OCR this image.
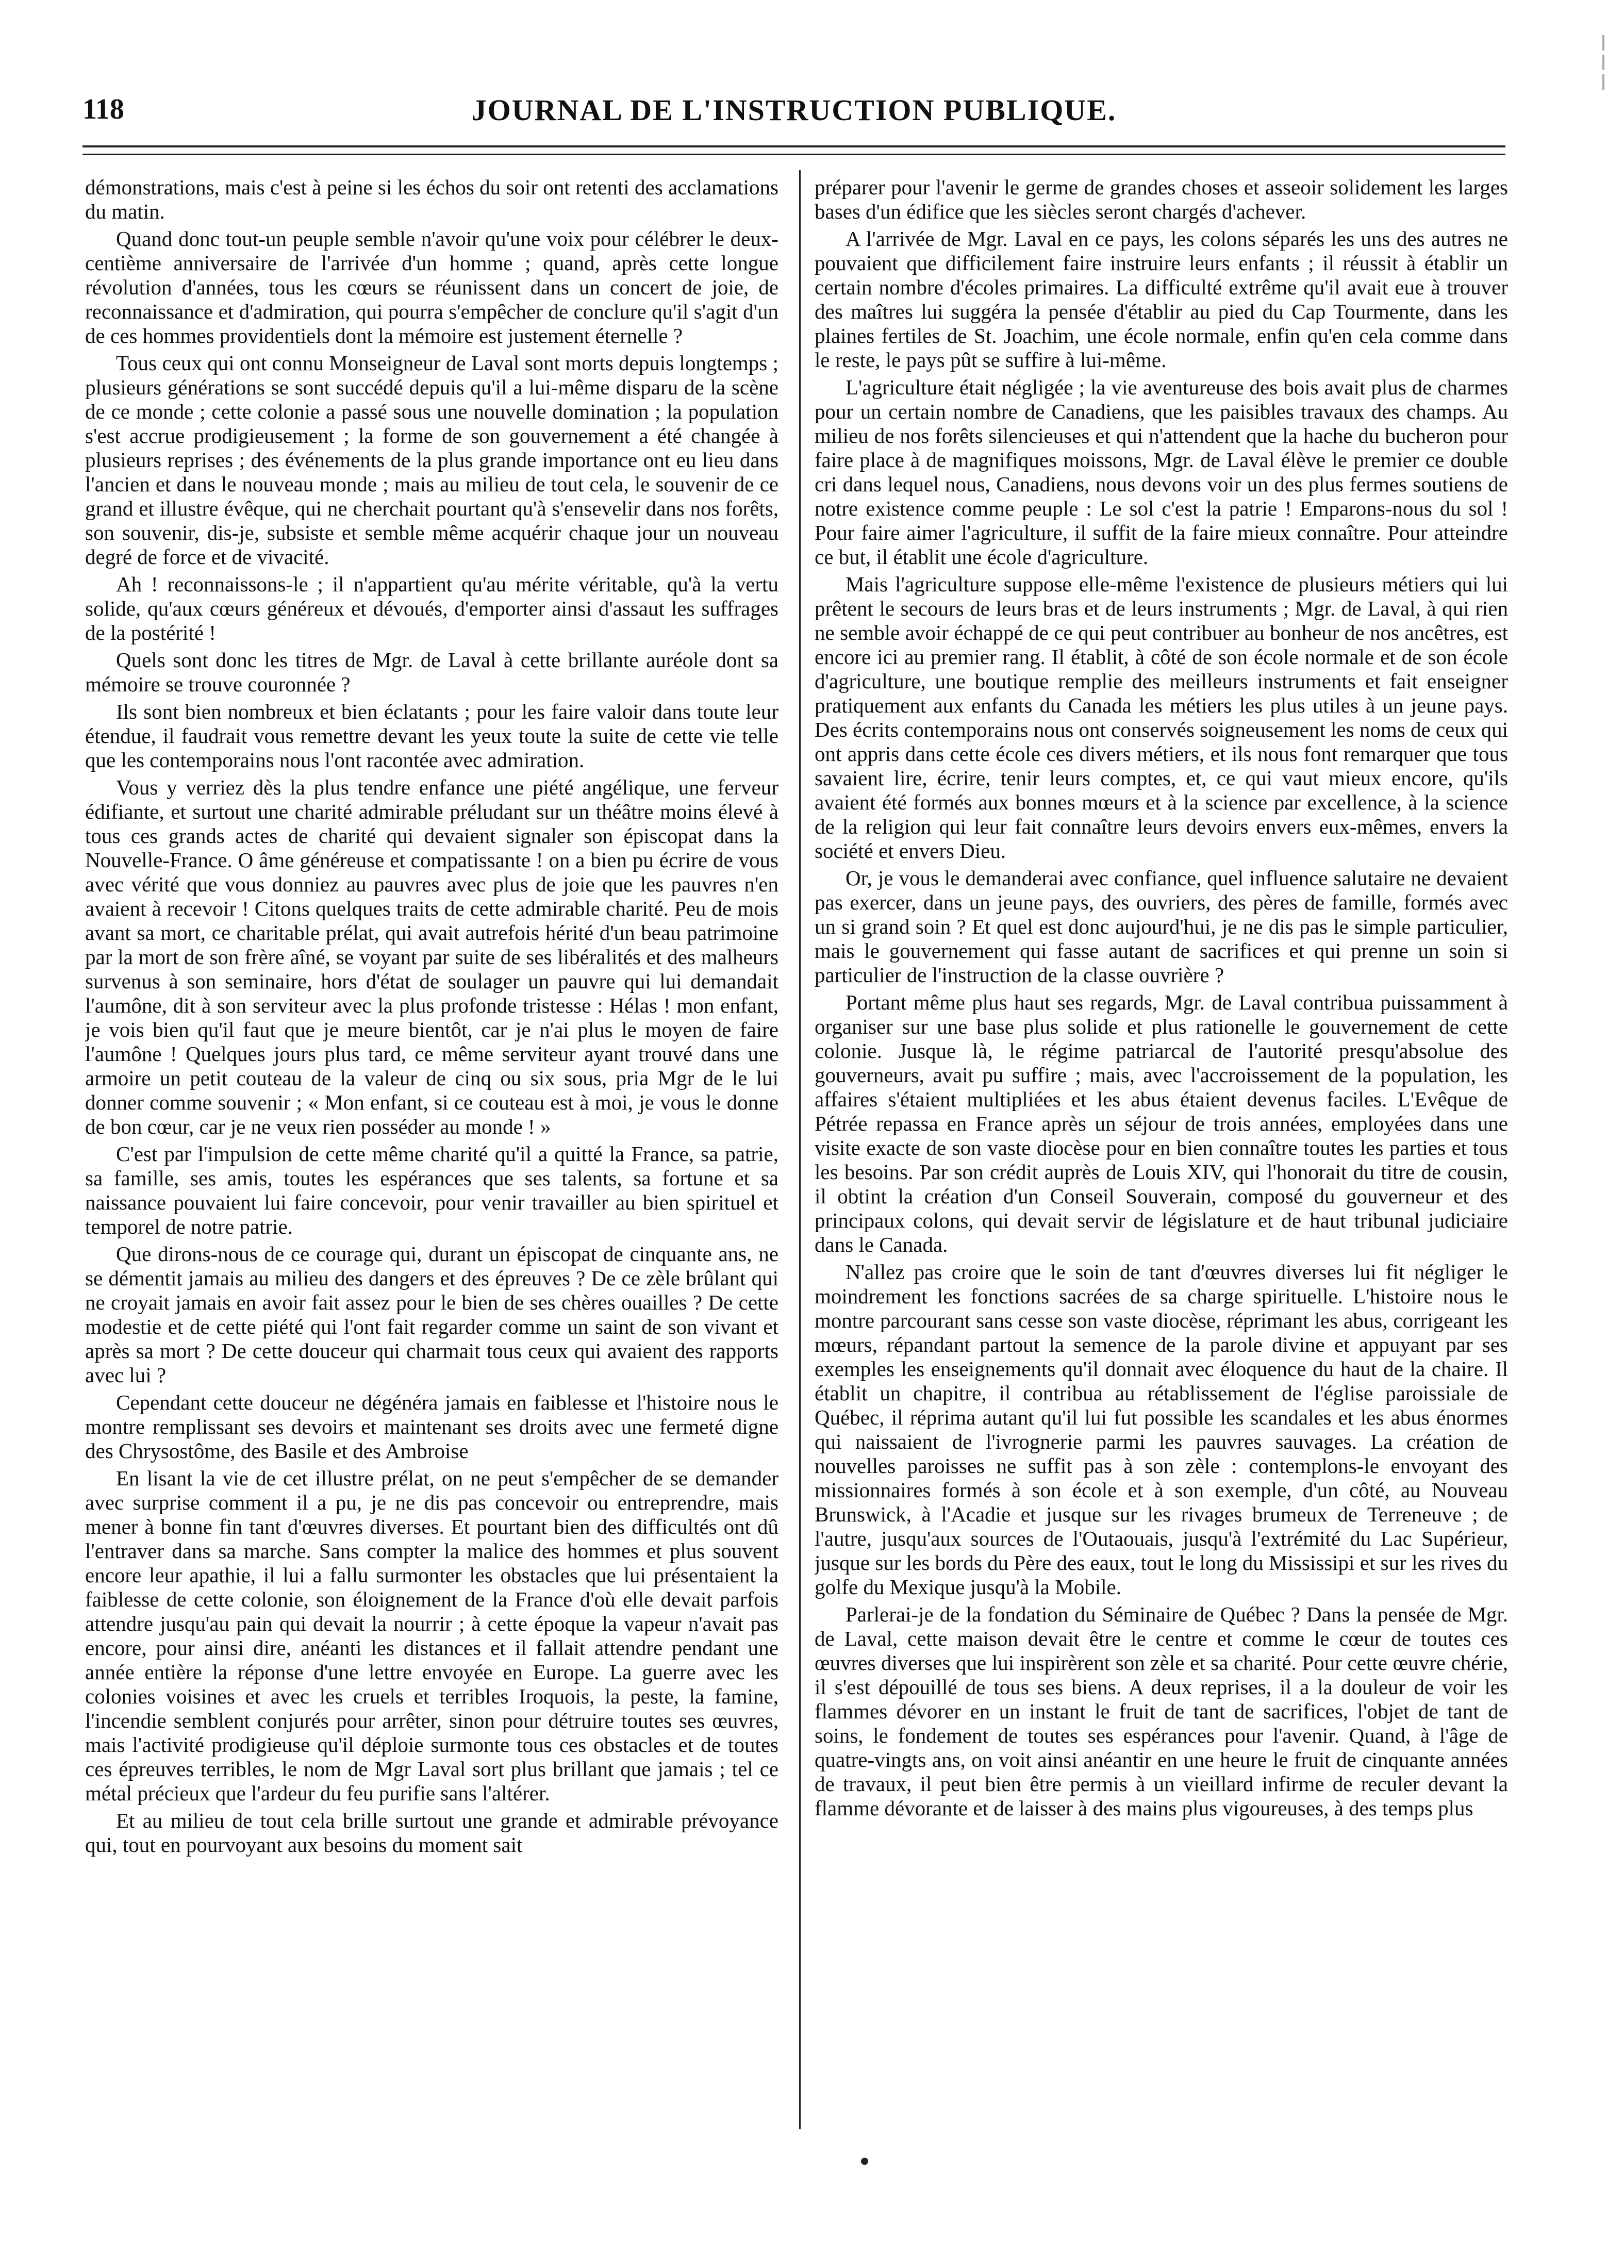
118	JOURNAL DE L'INSTRUCTION PUBLIQUE.

démonstrations, mais c'est à peine si les échos du soir ont retenti des acclamations du matin.

Quand donc tout-un peuple semble n'avoir qu'une voix pour célébrer le deux-centième anniversaire de l'arrivée d'un homme ; quand, après cette longue révolution d'années, tous les cœurs se réunissent dans un concert de joie, de reconnaissance et d'admiration, qui pourra s'empêcher de conclure qu'il s'agit d'un de ces hommes providentiels dont la mémoire est justement éternelle ?

Tous ceux qui ont connu Monseigneur de Laval sont morts depuis longtemps ; plusieurs générations se sont succédé depuis qu'il a lui-même disparu de la scène de ce monde ; cette colonie a passé sous une nouvelle domination ; la population s'est accrue prodigieusement ; la forme de son gouvernement a été changée à plusieurs reprises ; des événements de la plus grande importance ont eu lieu dans l'ancien et dans le nouveau monde ; mais au milieu de tout cela, le souvenir de ce grand et illustre évêque, qui ne cherchait pourtant qu'à s'ensevelir dans nos forêts, son souvenir, dis-je, subsiste et semble même acquérir chaque jour un nouveau degré de force et de vivacité.

Ah ! reconnaissons-le ; il n'appartient qu'au mérite véritable, qu'à la vertu solide, qu'aux cœurs généreux et dévoués, d'emporter ainsi d'assaut les suffrages de la postérité !

Quels sont donc les titres de Mgr. de Laval à cette brillante auréole dont sa mémoire se trouve couronnée ?

Ils sont bien nombreux et bien éclatants ; pour les faire valoir dans toute leur étendue, il faudrait vous remettre devant les yeux toute la suite de cette vie telle que les contemporains nous l'ont racontée avec admiration.

Vous y verriez dès la plus tendre enfance une piété angélique, une ferveur édifiante, et surtout une charité admirable préludant sur un théâtre moins élevé à tous ces grands actes de charité qui devaient signaler son épiscopat dans la Nouvelle-France. O âme généreuse et compatissante ! on a bien pu écrire de vous avec vérité que vous donniez au pauvres avec plus de joie que les pauvres n'en avaient à recevoir ! Citons quelques traits de cette admirable charité. Peu de mois avant sa mort, ce charitable prélat, qui avait autrefois hérité d'un beau patrimoine par la mort de son frère aîné, se voyant par suite de ses libéralités et des malheurs survenus à son seminaire, hors d'état de soulager un pauvre qui lui demandait l'aumône, dit à son serviteur avec la plus profonde tristesse : Hélas ! mon enfant, je vois bien qu'il faut que je meure bientôt, car je n'ai plus le moyen de faire l'aumône ! Quelques jours plus tard, ce même serviteur ayant trouvé dans une armoire un petit couteau de la valeur de cinq ou six sous, pria Mgr de le lui donner comme souvenir ; « Mon enfant, si ce couteau est à moi, je vous le donne de bon cœur, car je ne veux rien posséder au monde ! »

C'est par l'impulsion de cette même charité qu'il a quitté la France, sa patrie, sa famille, ses amis, toutes les espérances que ses talents, sa fortune et sa naissance pouvaient lui faire concevoir, pour venir travailler au bien spirituel et temporel de notre patrie.

Que dirons-nous de ce courage qui, durant un épiscopat de cinquante ans, ne se démentit jamais au milieu des dangers et des épreuves ? De ce zèle brûlant qui ne croyait jamais en avoir fait assez pour le bien de ses chères ouailles ? De cette modestie et de cette piété qui l'ont fait regarder comme un saint de son vivant et après sa mort ? De cette douceur qui charmait tous ceux qui avaient des rapports avec lui ?

Cependant cette douceur ne dégénéra jamais en faiblesse et l'histoire nous le montre remplissant ses devoirs et maintenant ses droits avec une fermeté digne des Chrysostôme, des Basile et des Ambroise

En lisant la vie de cet illustre prélat, on ne peut s'empêcher de se demander avec surprise comment il a pu, je ne dis pas concevoir ou entreprendre, mais mener à bonne fin tant d'œuvres diverses. Et pourtant bien des difficultés ont dû l'entraver dans sa marche. Sans compter la malice des hommes et plus souvent encore leur apathie, il lui a fallu surmonter les obstacles que lui présentaient la faiblesse de cette colonie, son éloignement de la France d'où elle devait parfois attendre jusqu'au pain qui devait la nourrir ; à cette époque la vapeur n'avait pas encore, pour ainsi dire, anéanti les distances et il fallait attendre pendant une année entière la réponse d'une lettre envoyée en Europe. La guerre avec les colonies voisines et avec les cruels et terribles Iroquois, la peste, la famine, l'incendie semblent conjurés pour arrêter, sinon pour détruire toutes ses œuvres, mais l'activité prodigieuse qu'il déploie surmonte tous ces obstacles et de toutes ces épreuves terribles, le nom de Mgr Laval sort plus brillant que jamais ; tel ce métal précieux que l'ardeur du feu purifie sans l'altérer.

Et au milieu de tout cela brille surtout une grande et admirable prévoyance qui, tout en pourvoyant aux besoins du moment sait

préparer pour l'avenir le germe de grandes choses et asseoir solidement les larges bases d'un édifice que les siècles seront chargés d'achever.

A l'arrivée de Mgr. Laval en ce pays, les colons séparés les uns des autres ne pouvaient que difficilement faire instruire leurs enfants ; il réussit à établir un certain nombre d'écoles primaires. La difficulté extrême qu'il avait eue à trouver des maîtres lui suggéra la pensée d'établir au pied du Cap Tourmente, dans les plaines fertiles de St. Joachim, une école normale, enfin qu'en cela comme dans le reste, le pays pût se suffire à lui-même.

L'agriculture était négligée ; la vie aventureuse des bois avait plus de charmes pour un certain nombre de Canadiens, que les paisibles travaux des champs. Au milieu de nos forêts silencieuses et qui n'attendent que la hache du bucheron pour faire place à de magnifiques moissons, Mgr. de Laval élève le premier ce double cri dans lequel nous, Canadiens, nous devons voir un des plus fermes soutiens de notre existence comme peuple : Le sol c'est la patrie ! Emparons-nous du sol ! Pour faire aimer l'agriculture, il suffit de la faire mieux connaître. Pour atteindre ce but, il établit une école d'agriculture.

Mais l'agriculture suppose elle-même l'existence de plusieurs métiers qui lui prêtent le secours de leurs bras et de leurs instruments ; Mgr. de Laval, à qui rien ne semble avoir échappé de ce qui peut contribuer au bonheur de nos ancêtres, est encore ici au premier rang. Il établit, à côté de son école normale et de son école d'agriculture, une boutique remplie des meilleurs instruments et fait enseigner pratiquement aux enfants du Canada les métiers les plus utiles à un jeune pays. Des écrits contemporains nous ont conservés soigneusement les noms de ceux qui ont appris dans cette école ces divers métiers, et ils nous font remarquer que tous savaient lire, écrire, tenir leurs comptes, et, ce qui vaut mieux encore, qu'ils avaient été formés aux bonnes mœurs et à la science par excellence, à la science de la religion qui leur fait connaître leurs devoirs envers eux-mêmes, envers la société et envers Dieu.

Or, je vous le demanderai avec confiance, quel influence salutaire ne devaient pas exercer, dans un jeune pays, des ouvriers, des pères de famille, formés avec un si grand soin ? Et quel est donc aujourd'hui, je ne dis pas le simple particulier, mais le gouvernement qui fasse autant de sacrifices et qui prenne un soin si particulier de l'instruction de la classe ouvrière ?

Portant même plus haut ses regards, Mgr. de Laval contribua puissamment à organiser sur une base plus solide et plus rationelle le gouvernement de cette colonie. Jusque là, le régime patriarcal de l'autorité presqu'absolue des gouverneurs, avait pu suffire ; mais, avec l'accroissement de la population, les affaires s'étaient multipliées et les abus étaient devenus faciles. L'Evêque de Pétrée repassa en France après un séjour de trois années, employées dans une visite exacte de son vaste diocèse pour en bien connaître toutes les parties et tous les besoins. Par son crédit auprès de Louis XIV, qui l'honorait du titre de cousin, il obtint la création d'un Conseil Souverain, composé du gouverneur et des principaux colons, qui devait servir de législature et de haut tribunal judiciaire dans le Canada.

N'allez pas croire que le soin de tant d'œuvres diverses lui fit négliger le moindrement les fonctions sacrées de sa charge spirituelle. L'histoire nous le montre parcourant sans cesse son vaste diocèse, réprimant les abus, corrigeant les mœurs, répandant partout la semence de la parole divine et appuyant par ses exemples les enseignements qu'il donnait avec éloquence du haut de la chaire. Il établit un chapitre, il contribua au rétablissement de l'église paroissiale de Québec, il réprima autant qu'il lui fut possible les scandales et les abus énormes qui naissaient de l'ivrognerie parmi les pauvres sauvages. La création de nouvelles paroisses ne suffit pas à son zèle : contemplons-le envoyant des missionnaires formés à son école et à son exemple, d'un côté, au Nouveau Brunswick, à l'Acadie et jusque sur les rivages brumeux de Terreneuve ; de l'autre, jusqu'aux sources de l'Outaouais, jusqu'à l'extrémité du Lac Supérieur, jusque sur les bords du Père des eaux, tout le long du Mississipi et sur les rives du golfe du Mexique jusqu'à la Mobile.

Parlerai-je de la fondation du Séminaire de Québec ? Dans la pensée de Mgr. de Laval, cette maison devait être le centre et comme le cœur de toutes ces œuvres diverses que lui inspirèrent son zèle et sa charité. Pour cette œuvre chérie, il s'est dépouillé de tous ses biens. A deux reprises, il a la douleur de voir les flammes dévorer en un instant le fruit de tant de sacrifices, l'objet de tant de soins, le fondement de toutes ses espérances pour l'avenir. Quand, à l'âge de quatre-vingts ans, on voit ainsi anéantir en une heure le fruit de cinquante années de travaux, il peut bien être permis à un vieillard infirme de reculer devant la flamme dévorante et de laisser à des mains plus vigoureuses, à des temps plus
